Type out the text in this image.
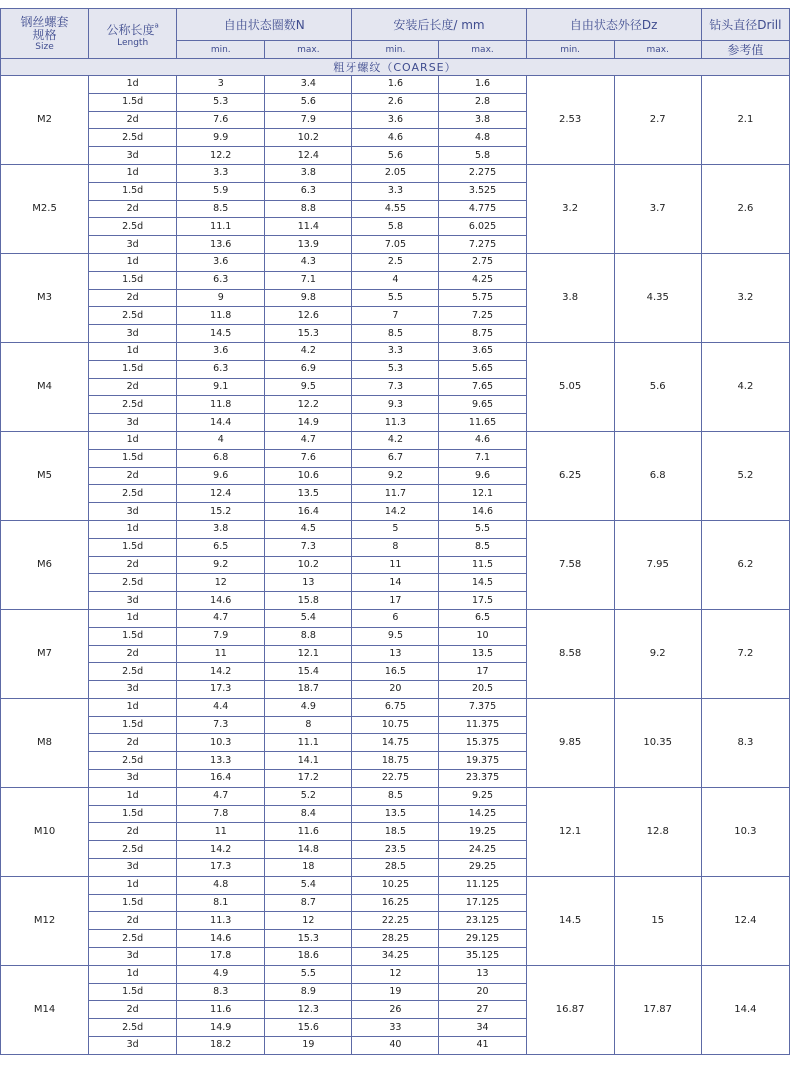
钢丝螺套
规格
Size	公称长度$^a$
Length	自由状态圈数N		安装后长度/ mm		自由状态外径Dz		钻头直径Drill
		min.	max.	min.	max.	min.	max.	参考值
粗牙螺纹（COARSE）								
M2	1d	3	3.4	1.6	1.6	2.53	2.7	2.1
	1.5d	5.3	5.6	2.6	2.8			
	2d	7.6	7.9	3.6	3.8			
	2.5d	9.9	10.2	4.6	4.8			
	3d	12.2	12.4	5.6	5.8			
M2.5	1d	3.3	3.8	2.05	2.275	3.2	3.7	2.6
	1.5d	5.9	6.3	3.3	3.525			
	2d	8.5	8.8	4.55	4.775			
	2.5d	11.1	11.4	5.8	6.025			
	3d	13.6	13.9	7.05	7.275			
M3	1d	3.6	4.3	2.5	2.75	3.8	4.35	3.2
	1.5d	6.3	7.1	4	4.25			
	2d	9	9.8	5.5	5.75			
	2.5d	11.8	12.6	7	7.25			
	3d	14.5	15.3	8.5	8.75			
M4	1d	3.6	4.2	3.3	3.65	5.05	5.6	4.2
	1.5d	6.3	6.9	5.3	5.65			
	2d	9.1	9.5	7.3	7.65			
	2.5d	11.8	12.2	9.3	9.65			
	3d	14.4	14.9	11.3	11.65			
M5	1d	4	4.7	4.2	4.6	6.25	6.8	5.2
	1.5d	6.8	7.6	6.7	7.1			
	2d	9.6	10.6	9.2	9.6			
	2.5d	12.4	13.5	11.7	12.1			
	3d	15.2	16.4	14.2	14.6			
M6	1d	3.8	4.5	5	5.5	7.58	7.95	6.2
	1.5d	6.5	7.3	8	8.5			
	2d	9.2	10.2	11	11.5			
	2.5d	12	13	14	14.5			
	3d	14.6	15.8	17	17.5			
M7	1d	4.7	5.4	6	6.5	8.58	9.2	7.2
	1.5d	7.9	8.8	9.5	10			
	2d	11	12.1	13	13.5			
	2.5d	14.2	15.4	16.5	17			
	3d	17.3	18.7	20	20.5			
M8	1d	4.4	4.9	6.75	7.375	9.85	10.35	8.3
	1.5d	7.3	8	10.75	11.375			
	2d	10.3	11.1	14.75	15.375			
	2.5d	13.3	14.1	18.75	19.375			
	3d	16.4	17.2	22.75	23.375			
M10	1d	4.7	5.2	8.5	9.25	12.1	12.8	10.3
	1.5d	7.8	8.4	13.5	14.25			
	2d	11	11.6	18.5	19.25			
	2.5d	14.2	14.8	23.5	24.25			
	3d	17.3	18	28.5	29.25			
M12	1d	4.8	5.4	10.25	11.125	14.5	15	12.4
	1.5d	8.1	8.7	16.25	17.125			
	2d	11.3	12	22.25	23.125			
	2.5d	14.6	15.3	28.25	29.125			
	3d	17.8	18.6	34.25	35.125			
M14	1d	4.9	5.5	12	13	16.87	17.87	14.4
	1.5d	8.3	8.9	19	20			
	2d	11.6	12.3	26	27			
	2.5d	14.9	15.6	33	34			
	3d	18.2	19	40	41			
